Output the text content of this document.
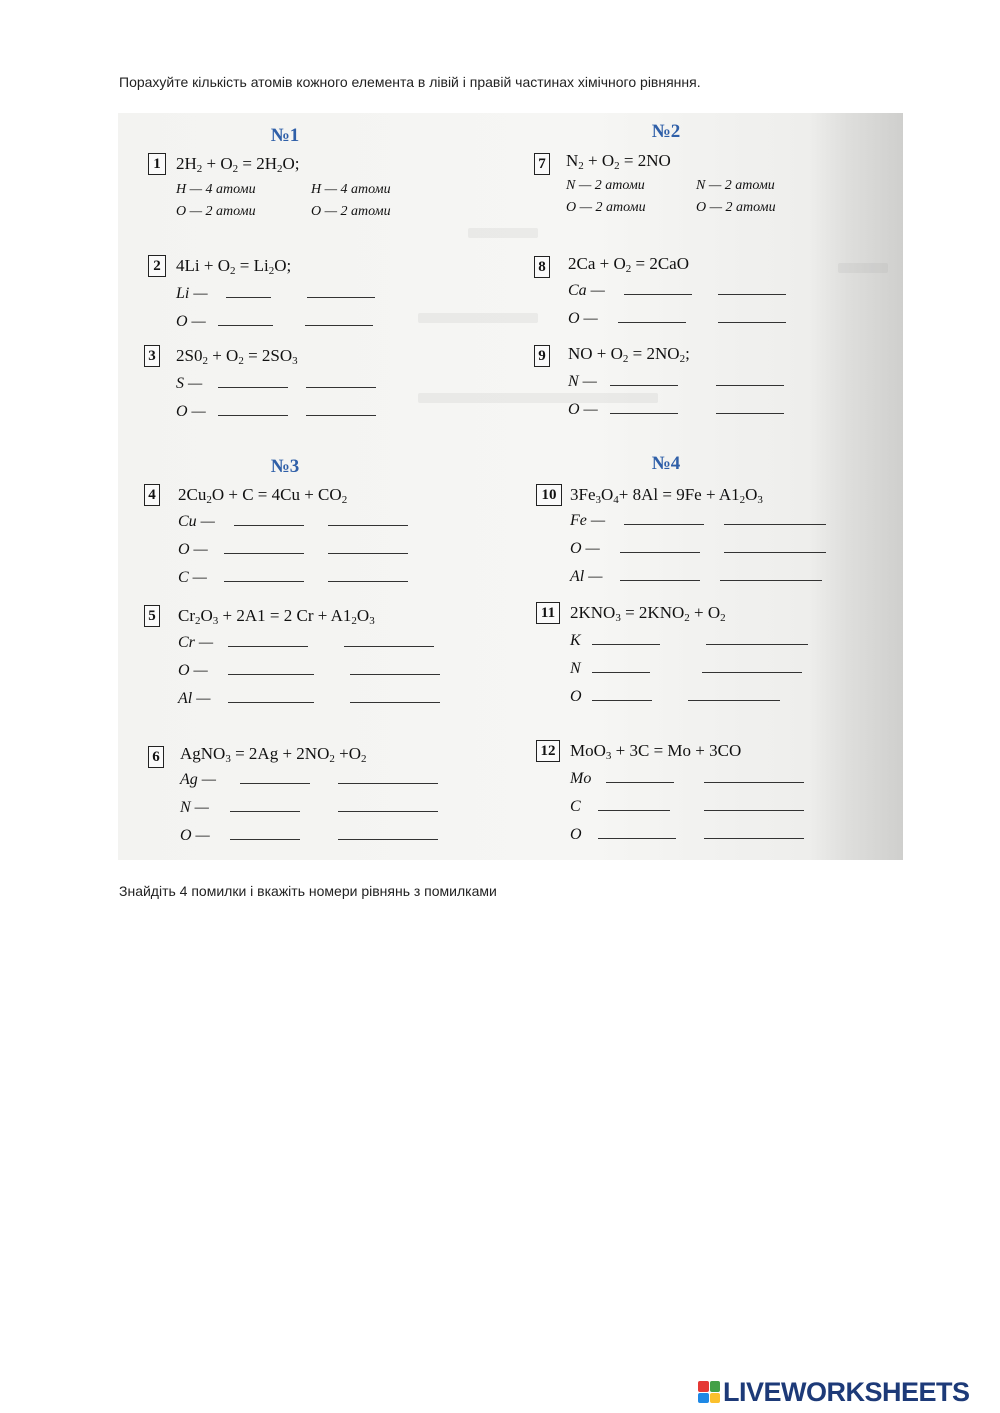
Порахуйте кількість атомів кожного елемента в лівій і правій частинах хімічного рівняння.
№1	№2
№3	№4
1 $2H_2 + O_2 = 2H_2O$;
H — 4 атоми	H — 4 атоми
O — 2 атоми	O — 2 атоми
2 $4Li + O_2 = Li_2O$;
Li —
O —
3 $2S0_2 + O_2 = 2SO_3$
S —
O —
4 $2Cu_2O + C = 4Cu + CO_2$
Cu —
O —
C —
5 $Cr_2O_3 + 2A1 = 2$ $Cr + A1_2O_3$
Cr —
O —
Al —
6 AgNO$_3$ = $2Ag + 2NO_2 +O_2$
Ag —
N —
O —
7 $N_2 + O_2 = 2NO$
N — 2 атоми	N — 2 атоми
O — 2 атоми	O — 2 атоми
8 $2Ca + O_2 = 2CaO$
Ca —
O —
9 NO + $O_2 = 2NO_2$;
N —
O —
10 $3Fe_3O_4+ 8Al = 9Fe + A1_2O_3$
Fe —
O —
Al —
11 $2KNO_3 = 2KNO_2 + O_2$
K
N
O
12 MoO$_3$ + 3C = Mo + 3CO
Mo
C
O
Знайдіть 4 помилки і вкажіть номери рівнянь з помилками
LIVEWORKSHEETS
